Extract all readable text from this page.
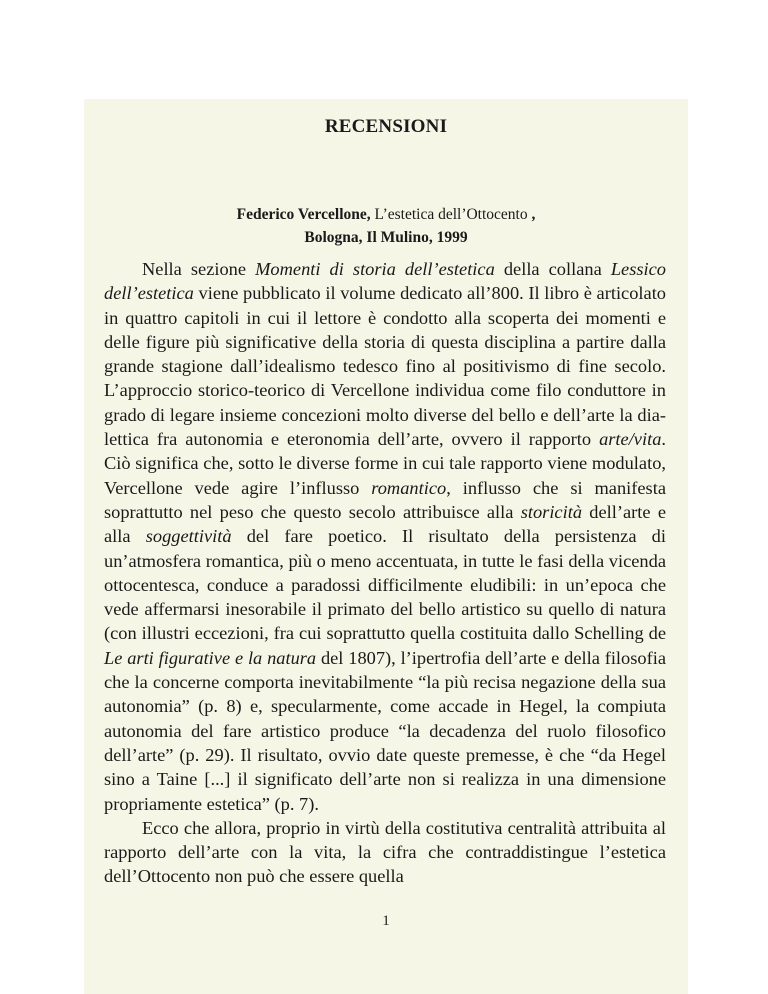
RECENSIONI
Federico Vercellone, L’estetica dell’Ottocento ,
Bologna, Il Mulino, 1999

Nella sezione Momenti di storia dell’estetica della collana Lessico dell’estetica viene pubblicato il volume dedicato all’800. Il libro è articolato in quattro capitoli in cui il lettore è condotto alla scoperta dei momenti e delle figure più significative della storia di questa disciplina a partire dalla grande stagione dall’idealismo tedesco fino al positivismo di fine secolo. L’approccio storico-teorico di Vercellone individua come filo conduttore in grado di legare insieme concezioni molto diverse del bello e dell’arte la dialettica fra autonomia e eteronomia dell’arte, ovvero il rapporto arte/vita. Ciò significa che, sotto le diverse forme in cui tale rapporto viene modulato, Vercellone vede agire l’influsso romantico, influsso che si manifesta soprattutto nel peso che questo secolo attribuisce alla storicità dell’arte e alla soggettività del fare poetico. Il risultato della persistenza di un’atmosfera romantica, più o meno accentuata, in tutte le fasi della vicenda ottocentesca, conduce a paradossi difficilmente eludibili: in un’epoca che vede affermarsi inesorabile il primato del bello artistico su quello di natura (con illustri eccezioni, fra cui soprattutto quella costituita dallo Schelling de Le arti figurative e la natura del 1807), l’ipertrofia dell’arte e della filosofia che la concerne comporta inevitabilmente “la più recisa negazione della sua autonomia” (p. 8) e, specularmente, come accade in Hegel, la compiuta autonomia del fare artistico produce “la decadenza del ruolo filosofico dell’arte” (p. 29). Il risultato, ovvio date queste premesse, è che “da Hegel sino a Taine [...] il significato dell’arte non si realizza in una dimensione propriamente estetica” (p. 7).

Ecco che allora, proprio in virtù della costitutiva centralità attribuita al rapporto dell’arte con la vita, la cifra che contraddistingue l’estetica dell’Ottocento non può che essere quella

1
